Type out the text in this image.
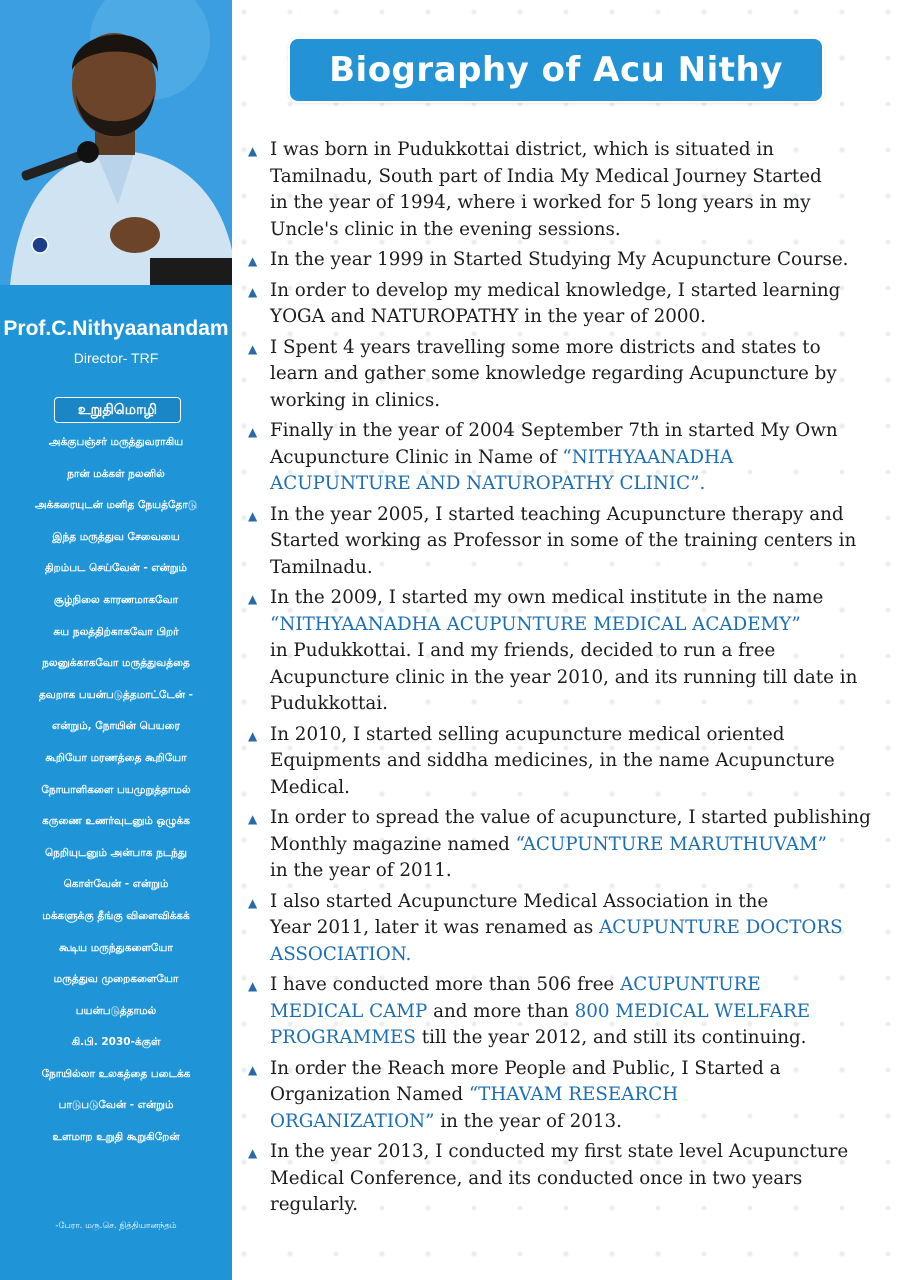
Prof.C.Nithyaanandam
Director- TRF
உறுதிமொழி
அக்குபஞ்சர் மருத்துவராகிய
நான் மக்கள் நலனில்
அக்கரையுடன் மனித நேயத்தோடு
இந்த மருத்துவ சேவையை
திறம்பட செய்வேன் - என்றும்
சூழ்நிலை காரணமாகவோ
சுய நலத்திற்காகவோ பிறர்
நலனுக்காகவோ மருத்துவத்தை
தவறாக பயன்படுத்தமாட்டேன் -
என்றும், நோயின் பெயரை
கூறியோ மரணத்தை கூறியோ
நோயாளிகளை பயமுறுத்தாமல்
கருணை உணர்வுடனும் ஒழுக்க
நெறியுடனும் அன்பாக நடந்து
கொள்வேன் - என்றும்
மக்களுக்கு தீங்கு விளைவிக்கக்
கூடிய மருந்துகளையோ
மருத்துவ முறைகளையோ
பயன்படுத்தாமல்
கி.பி. 2030-க்குள்
நோயில்லா உலகத்தை படைக்க
பாடுபடுவேன் - என்றும்
உளமாற உறுதி கூறுகிறேன்
-பேரா. மரு.செ. நித்தியானந்தம்
Biography of Acu Nithy
▲ I was born in Pudukkottai district, which is situated in
Tamilnadu, South part of India My Medical Journey Started
in the year of 1994, where i worked for 5 long years in my
Uncle's clinic in the evening sessions.
▲ In the year 1999 in Started Studying My Acupuncture Course.
▲ In order to develop my medical knowledge, I started learning
YOGA and NATUROPATHY in the year of 2000.
▲ I Spent 4 years travelling some more districts and states to
learn and gather some knowledge regarding Acupuncture by
working in clinics.
▲ Finally in the year of 2004 September 7th in started My Own
Acupuncture Clinic in Name of “NITHYAANADHA
ACUPUNTURE AND NATUROPATHY CLINIC”.
▲ In the year 2005, I started teaching Acupuncture therapy and
Started working as Professor in some of the training centers in
Tamilnadu.
▲ In the 2009, I started my own medical institute in the name
“NITHYAANADHA ACUPUNTURE MEDICAL ACADEMY”
in Pudukkottai. I and my friends, decided to run a free
Acupuncture clinic in the year 2010, and its running till date in
Pudukkottai.
▲ In 2010, I started selling acupuncture medical oriented
Equipments and siddha medicines, in the name Acupuncture
Medical.
▲ In order to spread the value of acupuncture, I started publishing
Monthly magazine named “ACUPUNTURE MARUTHUVAM”
in the year of 2011.
▲ I also started Acupuncture Medical Association in the
Year 2011, later it was renamed as ACUPUNTURE DOCTORS
ASSOCIATION.
▲ I have conducted more than 506 free ACUPUNTURE
MEDICAL CAMP and more than 800 MEDICAL WELFARE
PROGRAMMES till the year 2012, and still its continuing.
▲ In order the Reach more People and Public, I Started a
Organization Named “THAVAM RESEARCH
ORGANIZATION” in the year of 2013.
▲ In the year 2013, I conducted my first state level Acupuncture
Medical Conference, and its conducted once in two years
regularly.
